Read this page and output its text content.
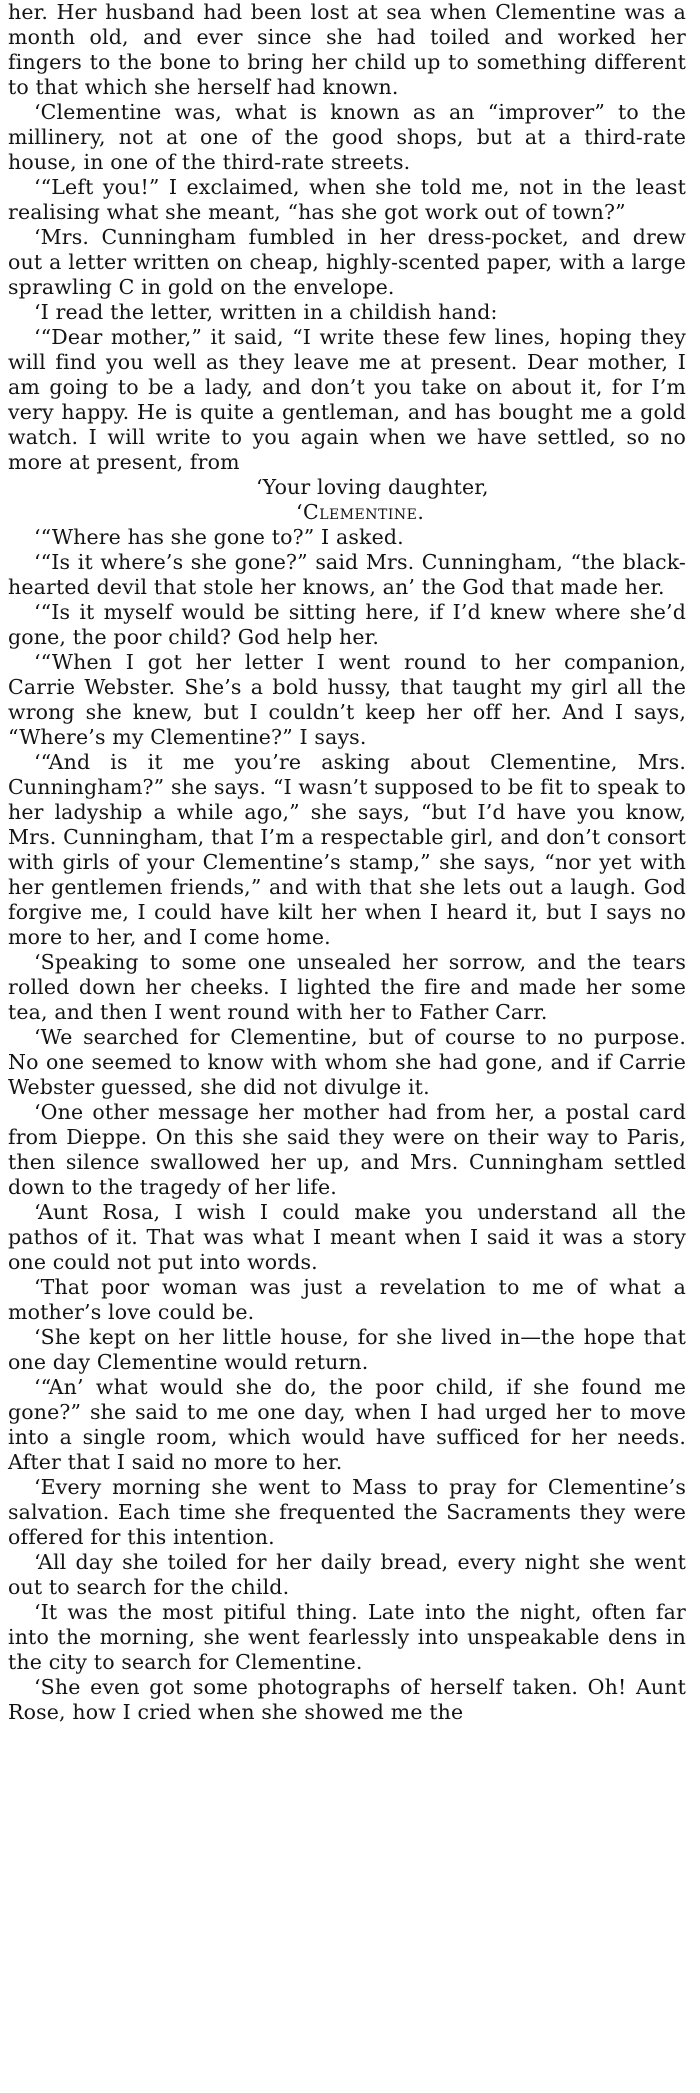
her. Her husband had been lost at sea when Clementine was a month old, and ever since she had toiled and worked her fingers to the bone to bring her child up to something different to that which she herself had known.

‘Clementine was, what is known as an “improver” to the millinery, not at one of the good shops, but at a third-rate house, in one of the third-rate streets.

‘“Left you!” I exclaimed, when she told me, not in the least realising what she meant, “has she got work out of town?”

‘Mrs. Cunningham fumbled in her dress-pocket, and drew out a letter written on cheap, highly-scented paper, with a large sprawling C in gold on the envelope.

‘I read the letter, written in a childish hand:

‘“Dear mother,” it said, “I write these few lines, hoping they will find you well as they leave me at present. Dear mother, I am going to be a lady, and don’t you take on about it, for I’m very happy. He is quite a gentleman, and has bought me a gold watch. I will write to you again when we have settled, so no more at present, from

‘Your loving daughter,

‘Clementine.

‘“Where has she gone to?” I asked.

‘“Is it where’s she gone?” said Mrs. Cunningham, “the black-hearted devil that stole her knows, an’ the God that made her.

‘“Is it myself would be sitting here, if I’d knew where she’d gone, the poor child? God help her.

‘“When I got her letter I went round to her companion, Carrie Webster. She’s a bold hussy, that taught my girl all the wrong she knew, but I couldn’t keep her off her. And I says, “Where’s my Clementine?” I says.

‘“And is it me you’re asking about Clementine, Mrs. Cunningham?” she says. “I wasn’t supposed to be fit to speak to her ladyship a while ago,” she says, “but I’d have you know, Mrs. Cunningham, that I’m a respectable girl, and don’t consort with girls of your Clementine’s stamp,” she says, “nor yet with her gentlemen friends,” and with that she lets out a laugh. God forgive me, I could have kilt her when I heard it, but I says no more to her, and I come home.

‘Speaking to some one unsealed her sorrow, and the tears rolled down her cheeks. I lighted the fire and made her some tea, and then I went round with her to Father Carr.

‘We searched for Clementine, but of course to no purpose. No one seemed to know with whom she had gone, and if Carrie Webster guessed, she did not divulge it.

‘One other message her mother had from her, a postal card from Dieppe. On this she said they were on their way to Paris, then silence swallowed her up, and Mrs. Cunningham settled down to the tragedy of her life.

‘Aunt Rosa, I wish I could make you understand all the pathos of it. That was what I meant when I said it was a story one could not put into words.

‘That poor woman was just a revelation to me of what a mother’s love could be.

‘She kept on her little house, for she lived in—the hope that one day Clementine would return.

‘“An’ what would she do, the poor child, if she found me gone?” she said to me one day, when I had urged her to move into a single room, which would have sufficed for her needs. After that I said no more to her.

‘Every morning she went to Mass to pray for Clementine’s salvation. Each time she frequented the Sacraments they were offered for this intention.

‘All day she toiled for her daily bread, every night she went out to search for the child.

‘It was the most pitiful thing. Late into the night, often far into the morning, she went fearlessly into unspeakable dens in the city to search for Clementine.

‘She even got some photographs of herself taken. Oh! Aunt Rose, how I cried when she showed me the
